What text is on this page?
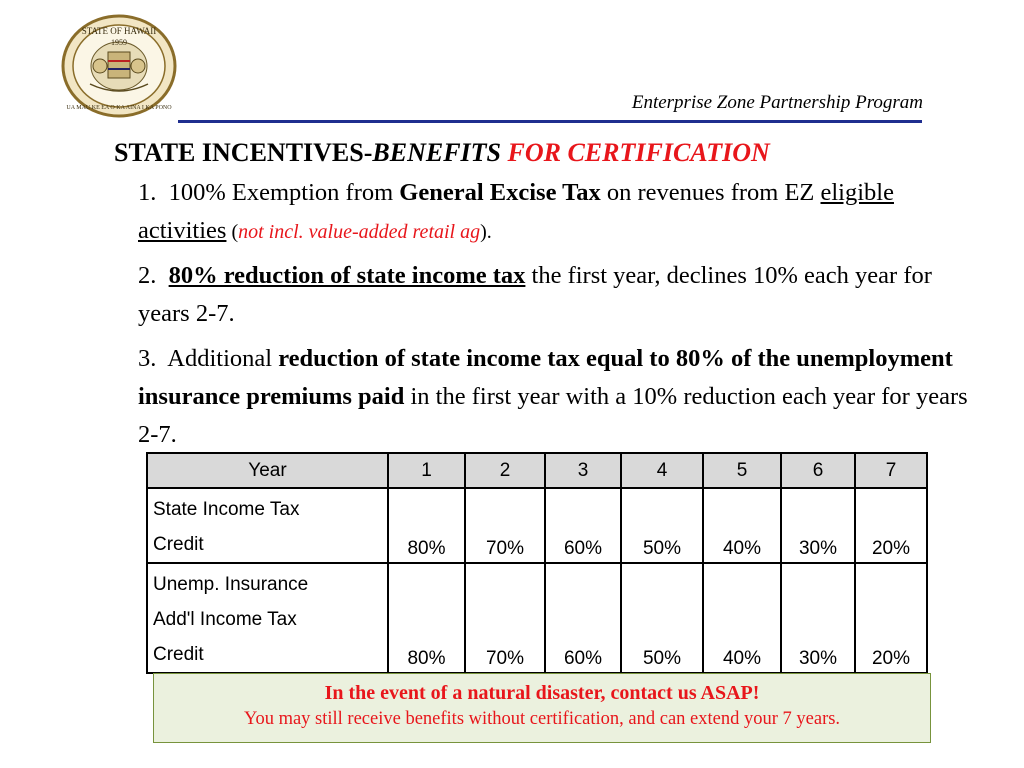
STATE OF HAWAII
1959
UA MAU KE EA O KA AINA I KA PONO	Enterprise Zone Partnership Program
STATE INCENTIVES-BENEFITS FOR CERTIFICATION
1. 100% Exemption from General Excise Tax on revenues from EZ eligible activities (not incl. value-added retail ag).
2. 80% reduction of state income tax the first year, declines 10% each year for years 2-7.
3. Additional reduction of state income tax equal to 80% of the unemployment insurance premiums paid in the first year with a 10% reduction each year for years 2-7.
Year	1	2	3	4	5	6	7

State Income Tax
Credit	80%	70%	60%	50%	40%	30%	20%

Unemp. Insurance
Add'l Income Tax
Credit	80%	70%	60%	50%	40%	30%	20%
In the event of a natural disaster, contact us ASAP!
You may still receive benefits without certification, and can extend your 7 years.
